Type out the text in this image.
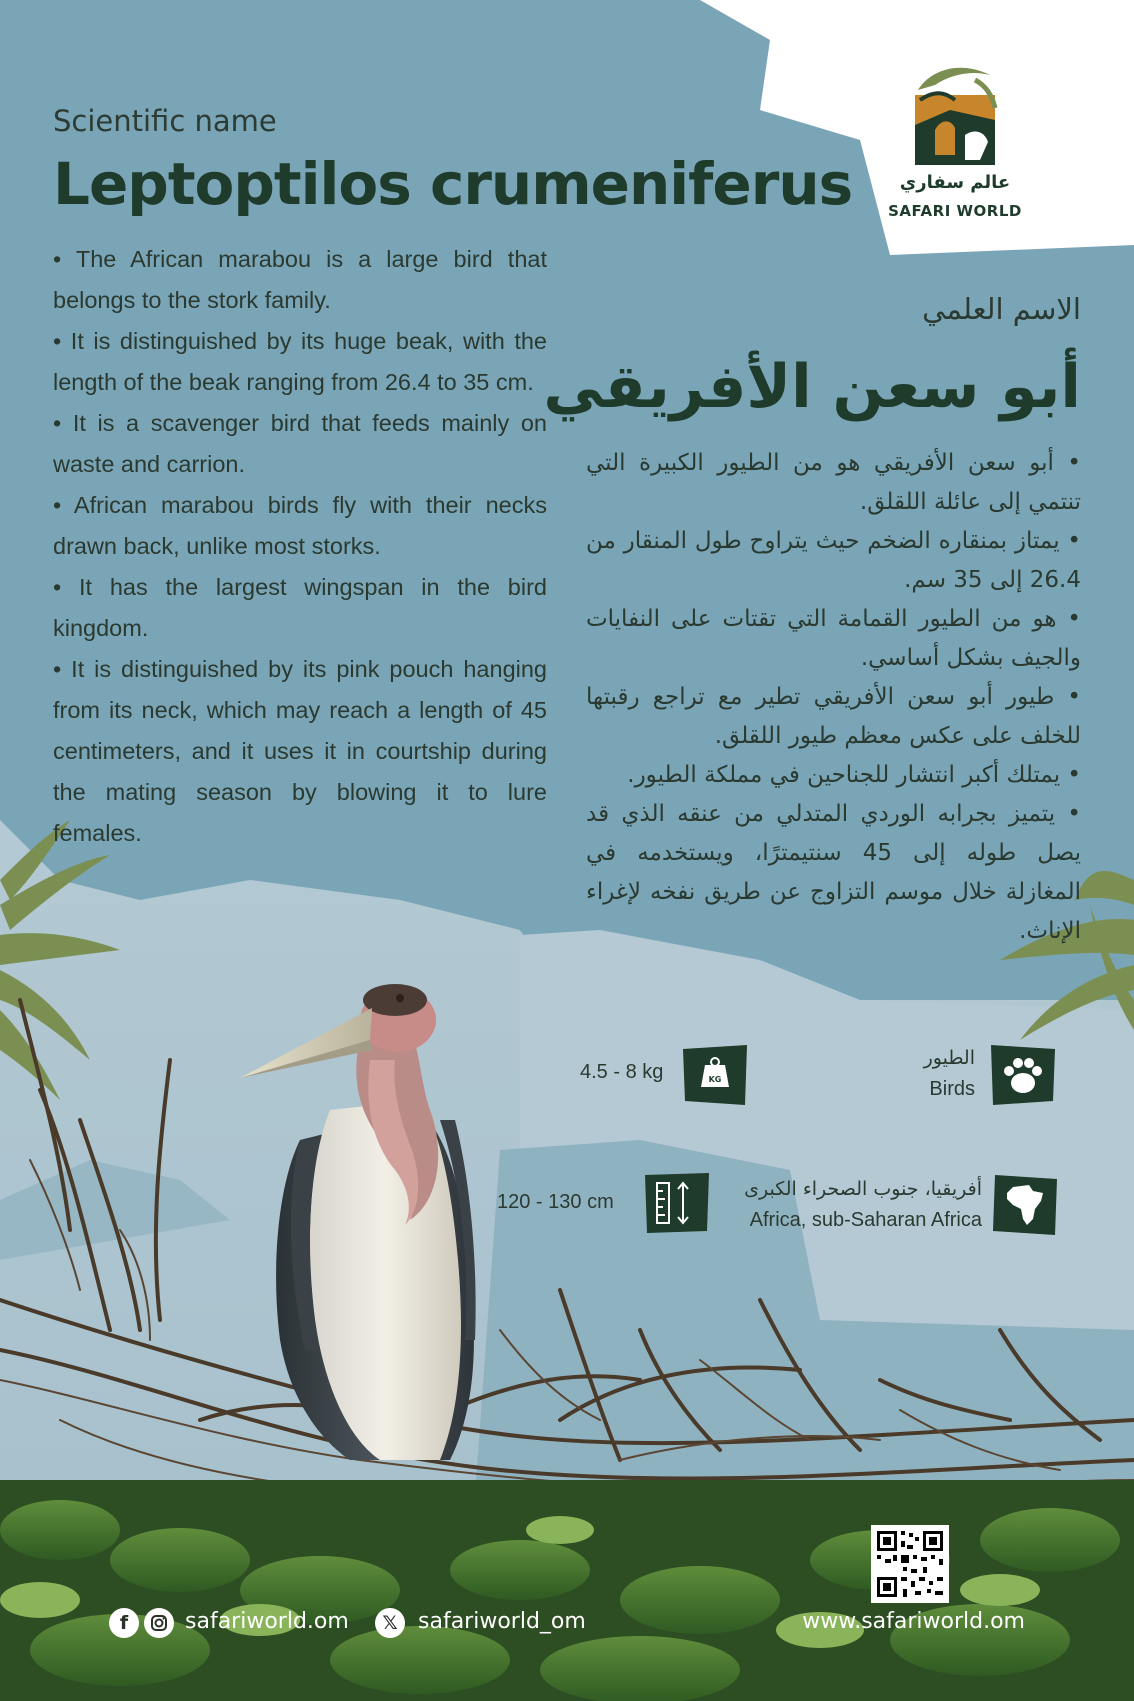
عالم سفاري
SAFARI WORLD
Scientific name
Leptoptilos crumeniferus
الاسم العلمي
أبو سعن الأفريقي

• The African marabou is a large bird that belongs to the stork family.

• It is distinguished by its huge beak, with the length of the beak ranging from 26.4 to 35 cm.

• It is a scavenger bird that feeds mainly on waste and carrion.

• African marabou birds fly with their necks drawn back, unlike most storks.

• It has the largest wingspan in the bird kingdom.

• It is distinguished by its pink pouch hanging from its neck, which may reach a length of 45 centimeters, and it uses it in courtship during the mating season by blowing it to lure females.

• أبو سعن الأفريقي هو من الطيور الكبيرة التي تنتمي إلى عائلة اللقلق.

• يمتاز بمنقاره الضخم حيث يتراوح طول المنقار من 26.4 إلى 35 سم.

• هو من الطيور القمامة التي تقتات على النفايات والجيف بشكل أساسي.

• طيور أبو سعن الأفريقي تطير مع تراجع رقبتها للخلف على عكس معظم طيور اللقلق.

• يمتلك أكبر انتشار للجناحين في مملكة الطيور.

• يتميز بجرابه الوردي المتدلي من عنقه الذي قد يصل طوله إلى 45 سنتيمترًا، ويستخدمه في المغازلة خلال موسم التزاوج عن طريق نفخه لإغراء الإناث.

4.5 - 8 kg	KG
الطيور
Birds
120 - 130 cm
أفريقيا، جنوب الصحراء الكبرى
Africa, sub-Saharan Africa
f	safariworld.om	𝕏 safariworld_om	www.safariworld.om
